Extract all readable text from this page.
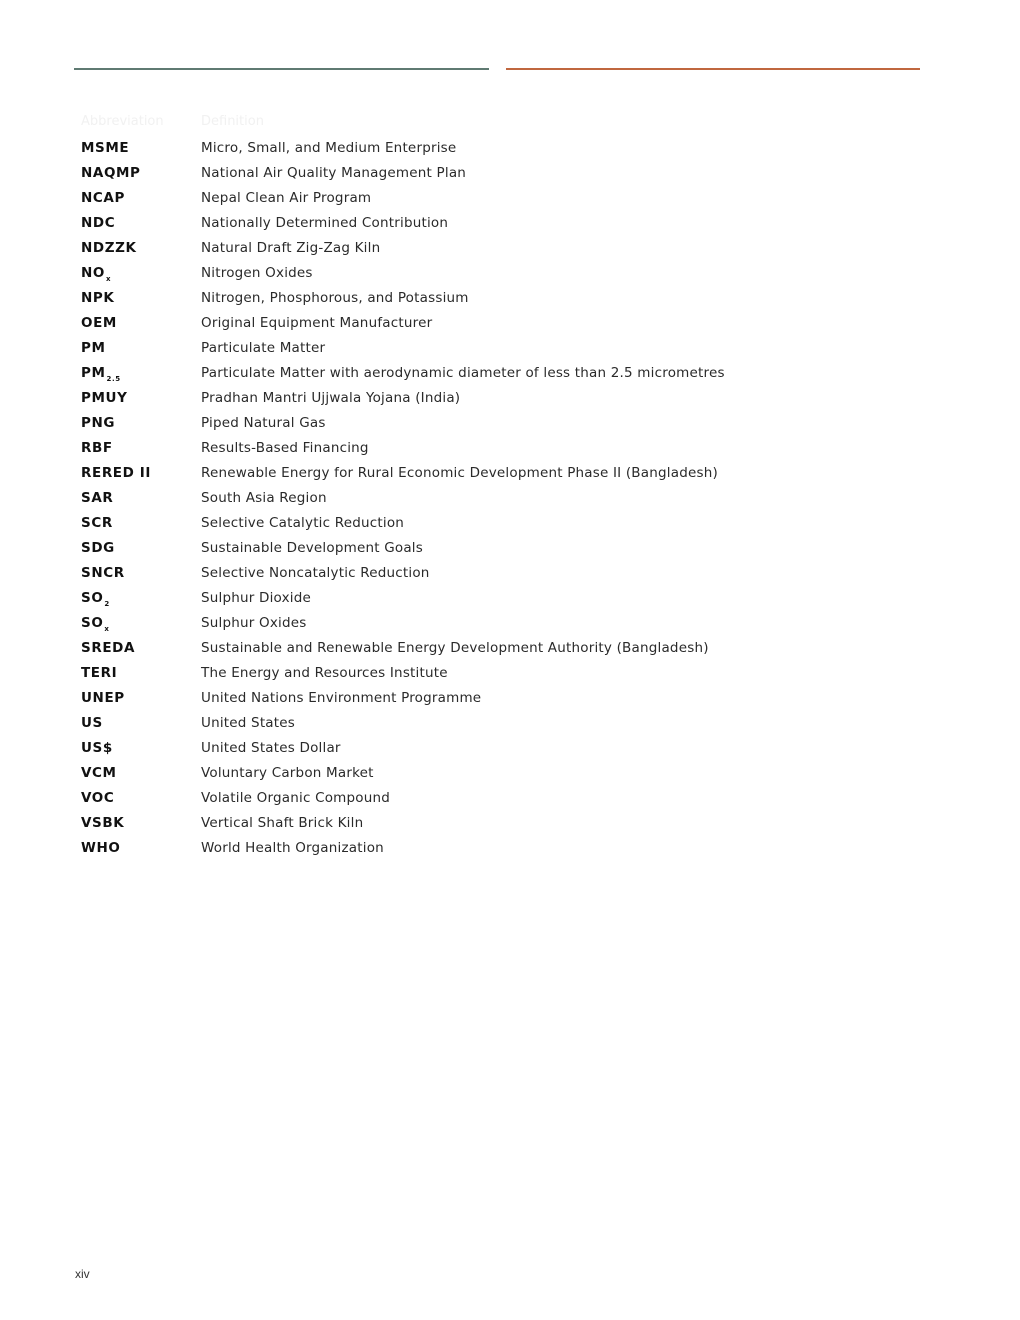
Abbreviation	Definition
MSME	Micro, Small, and Medium Enterprise
NAQMP	National Air Quality Management Plan
NCAP	Nepal Clean Air Program
NDC	Nationally Determined Contribution
NDZZK	Natural Draft Zig-Zag Kiln
$NO_x$	Nitrogen Oxides
NPK	Nitrogen, Phosphorous, and Potassium
OEM	Original Equipment Manufacturer
PM	Particulate Matter
$PM_{2.5}$	Particulate Matter with aerodynamic diameter of less than 2.5 micrometres
PMUY	Pradhan Mantri Ujjwala Yojana (India)
PNG	Piped Natural Gas
RBF	Results-Based Financing
RERED II	Renewable Energy for Rural Economic Development Phase II (Bangladesh)
SAR	South Asia Region
SCR	Selective Catalytic Reduction
SDG	Sustainable Development Goals
SNCR	Selective Noncatalytic Reduction
$SO_2$	Sulphur Dioxide
$SO_x$	Sulphur Oxides
SREDA	Sustainable and Renewable Energy Development Authority (Bangladesh)
TERI	The Energy and Resources Institute
UNEP	United Nations Environment Programme
US	United States
US$	United States Dollar
VCM	Voluntary Carbon Market
VOC	Volatile Organic Compound
VSBK	Vertical Shaft Brick Kiln
WHO	World Health Organization
xiv
